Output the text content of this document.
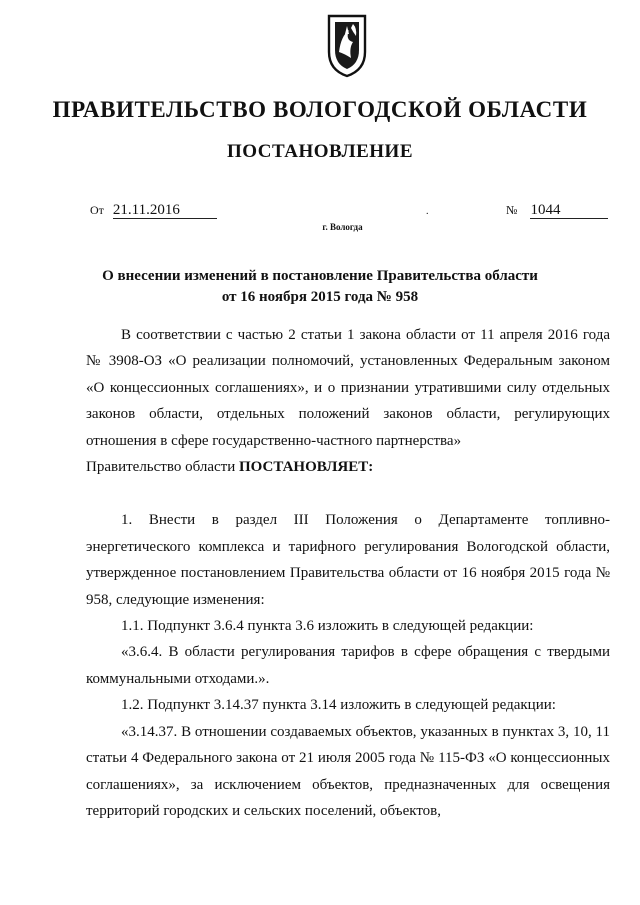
ПРАВИТЕЛЬСТВО ВОЛОГОДСКОЙ ОБЛАСТИ
ПОСТАНОВЛЕНИЕ
От 21.11.2016	.	№ 1044
г. Вологда
О внесении изменений в постановление Правительства области
от 16 ноября 2015 года № 958

В соответствии с частью 2 статьи 1 закона области от 11 апреля 2016 года № 3908-ОЗ «О реализации полномочий, установленных Федеральным законом «О концессионных соглашениях», и о признании утратившими силу отдельных законов области, отдельных положений законов области, регулирующих отношения в сфере государственно-частного партнерства»

Правительство области ПОСТАНОВЛЯЕТ:

1. Внести в раздел III Положения о Департаменте топливно-энергетического комплекса и тарифного регулирования Вологодской области, утвержденное постановлением Правительства области от 16 ноября 2015 года № 958, следующие изменения:

1.1. Подпункт 3.6.4 пункта 3.6 изложить в следующей редакции:

«3.6.4. В области регулирования тарифов в сфере обращения с твердыми коммунальными отходами.».

1.2. Подпункт 3.14.37 пункта 3.14 изложить в следующей редакции:

«3.14.37. В отношении создаваемых объектов, указанных в пунктах 3, 10, 11 статьи 4 Федерального закона от 21 июля 2005 года № 115-ФЗ «О концессионных соглашениях», за исключением объектов, предназначенных для освещения территорий городских и сельских поселений, объектов,
